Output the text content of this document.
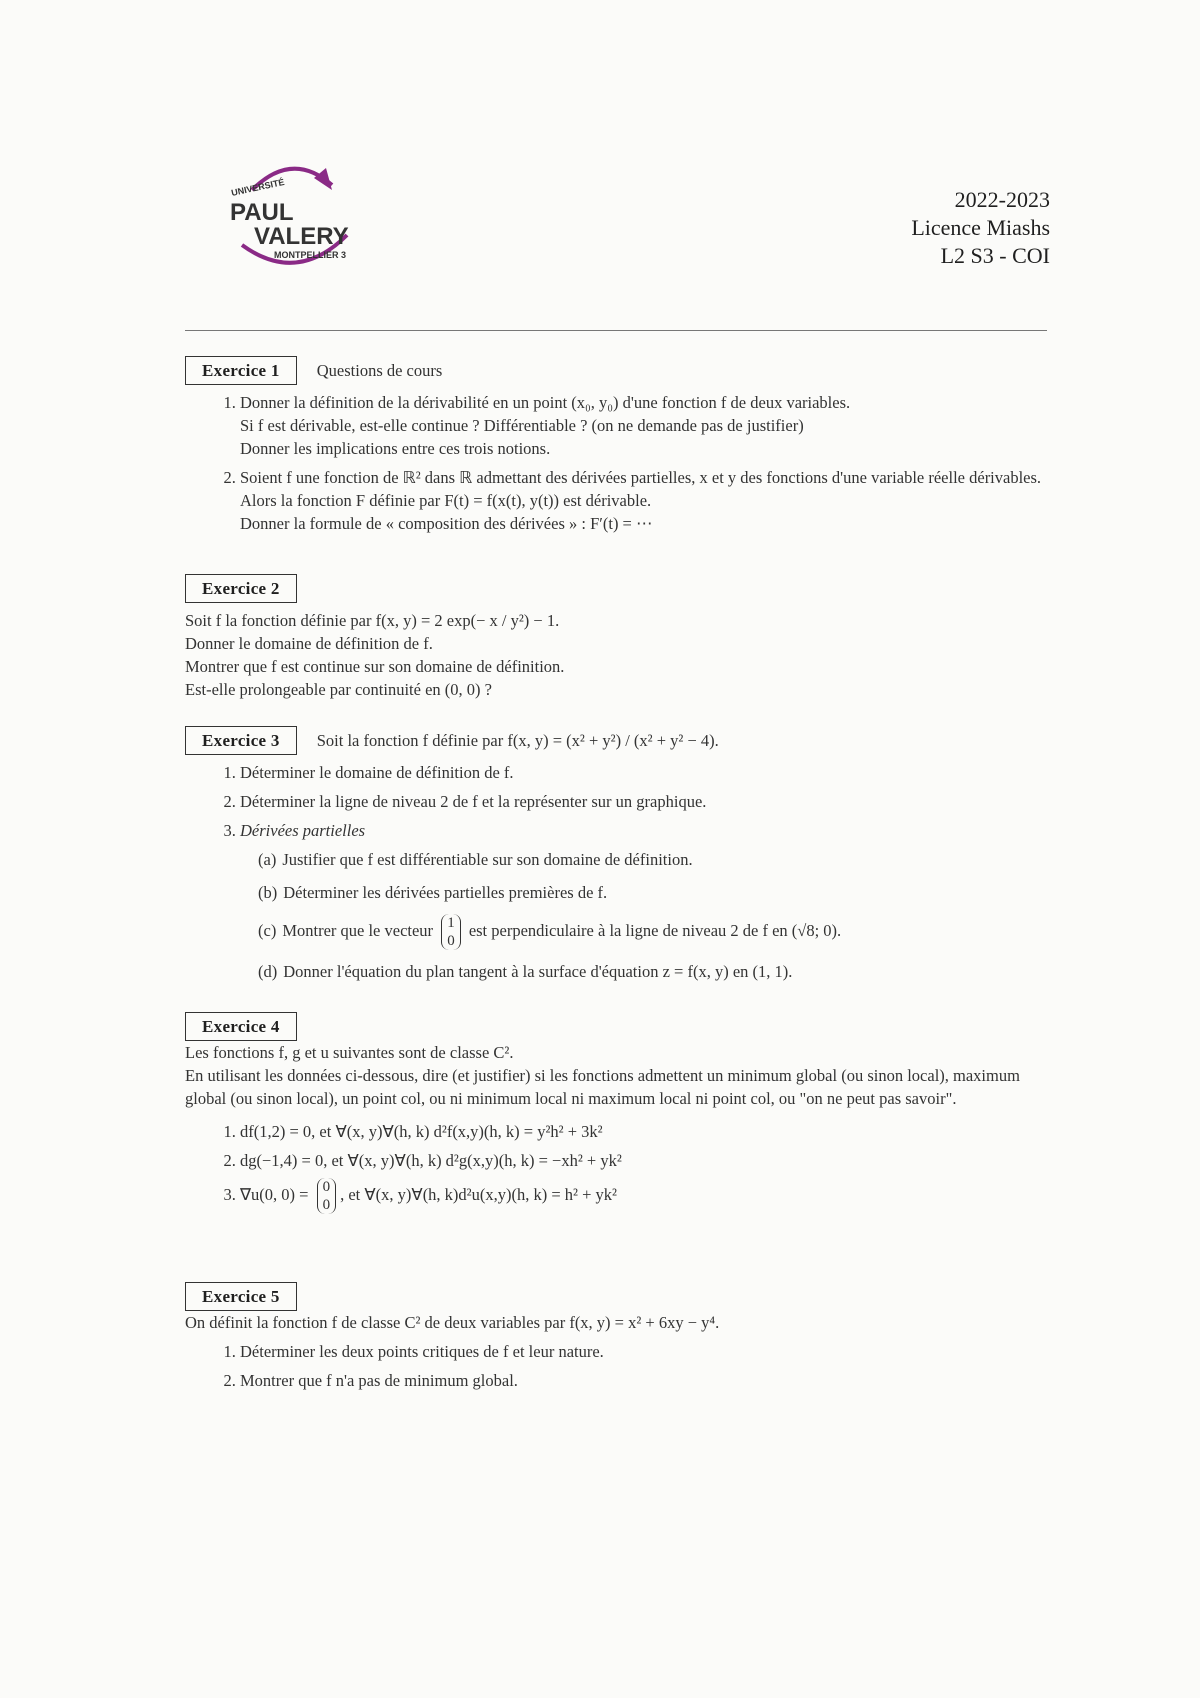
UNIVERSITÉ
PAUL
VALERY
MONTPELLIER 3
2022-2023
Licence Miashs
L2 S3 - COI
Exercice 1	Questions de cours
1. Donner la définition de la dérivabilité en un point (x₀, y₀) d'une fonction f de deux variables.
Si f est dérivable, est-elle continue ? Différentiable ? (on ne demande pas de justifier)
Donner les implications entre ces trois notions.
2. Soient f une fonction de ℝ² dans ℝ admettant des dérivées partielles, x et y des fonctions d'une variable réelle dérivables. Alors la fonction F définie par F(t) = f(x(t), y(t)) est dérivable.
Donner la formule de « composition des dérivées » : F′(t) = ⋯
Exercice 2

Soit f la fonction définie par f(x, y) = 2 exp(− x / y²) − 1.

Donner le domaine de définition de f.

Montrer que f est continue sur son domaine de définition.

Est-elle prolongeable par continuité en (0, 0) ?

Exercice 3	Soit la fonction f définie par f(x, y) = (x² + y²) / (x² + y² − 4).
1. Déterminer le domaine de définition de f.
2. Déterminer la ligne de niveau 2 de f et la représenter sur un graphique.
3. Dérivées partielles
(a) Justifier que f est différentiable sur son domaine de définition.
(b) Déterminer les dérivées partielles premières de f.
(c) Montrer que le vecteur 1
0
est perpendiculaire à la ligne de niveau 2 de f en (√8; 0).
(d) Donner l'équation du plan tangent à la surface d'équation z = f(x, y) en (1, 1).
Exercice 4

Les fonctions f, g et u suivantes sont de classe C².

En utilisant les données ci-dessous, dire (et justifier) si les fonctions admettent un minimum global (ou sinon local), maximum global (ou sinon local), un point col, ou ni minimum local ni maximum local ni point col, ou "on ne peut pas savoir".

1. df(1,2) = 0, et ∀(x, y)∀(h, k) d²f(x,y)(h, k) = y²h² + 3k²
2. dg(−1,4) = 0, et ∀(x, y)∀(h, k) d²g(x,y)(h, k) = −xh² + yk²
3. ∇u(0, 0) = 0
0
, et ∀(x, y)∀(h, k)d²u(x,y)(h, k) = h² + yk²
Exercice 5

On définit la fonction f de classe C² de deux variables par f(x, y) = x² + 6xy − y⁴.

1. Déterminer les deux points critiques de f et leur nature.
2. Montrer que f n'a pas de minimum global.
